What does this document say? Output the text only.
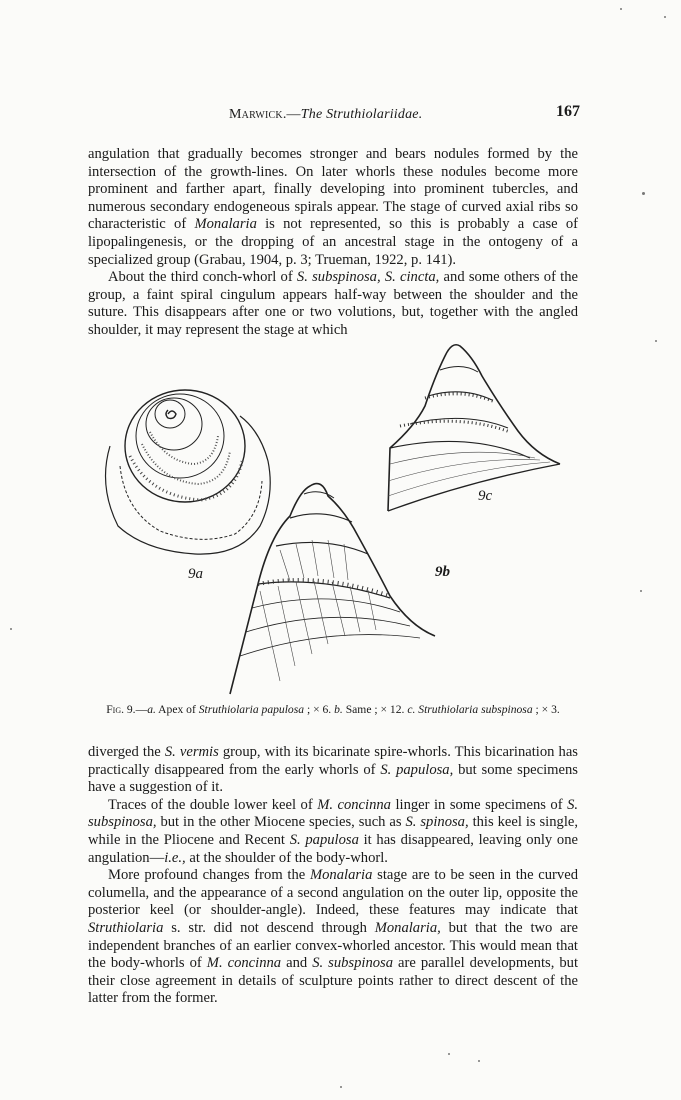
Marwick.—The Struthiolariidae.	167

angulation that gradually becomes stronger and bears nodules formed by the intersection of the growth-lines. On later whorls these nodules become more prominent and farther apart, finally developing into prominent tubercles, and numerous secondary endogeneous spirals appear. The stage of curved axial ribs so characteristic of Monalaria is not represented, so this is probably a case of lipopalingenesis, or the dropping of an ancestral stage in the ontogeny of a specialized group (Grabau, 1904, p. 3; Trueman, 1922, p. 141).

About the third conch-whorl of S. subspinosa, S. cincta, and some others of the group, a faint spiral cingulum appears half-way between the shoulder and the suture. This disappears after one or two volutions, but, together with the angled shoulder, it may represent the stage at which

9a	9b
9c
Fig. 9.—a. Apex of Struthiolaria papulosa ; × 6. b. Same ; × 12. c. Struthiolaria subspinosa ; × 3.

diverged the S. vermis group, with its bicarinate spire-whorls. This bicarination has practically disappeared from the early whorls of S. papulosa, but some specimens have a suggestion of it.

Traces of the double lower keel of M. concinna linger in some specimens of S. subspinosa, but in the other Miocene species, such as S. spinosa, this keel is single, while in the Pliocene and Recent S. papulosa it has disappeared, leaving only one angulation—i.e., at the shoulder of the body-whorl.

More profound changes from the Monalaria stage are to be seen in the curved columella, and the appearance of a second angulation on the outer lip, opposite the posterior keel (or shoulder-angle). Indeed, these features may indicate that Struthiolaria s. str. did not descend through Monalaria, but that the two are independent branches of an earlier convex-whorled ancestor. This would mean that the body-whorls of M. concinna and S. subspinosa are parallel developments, but their close agreement in details of sculpture points rather to direct descent of the latter from the former.
